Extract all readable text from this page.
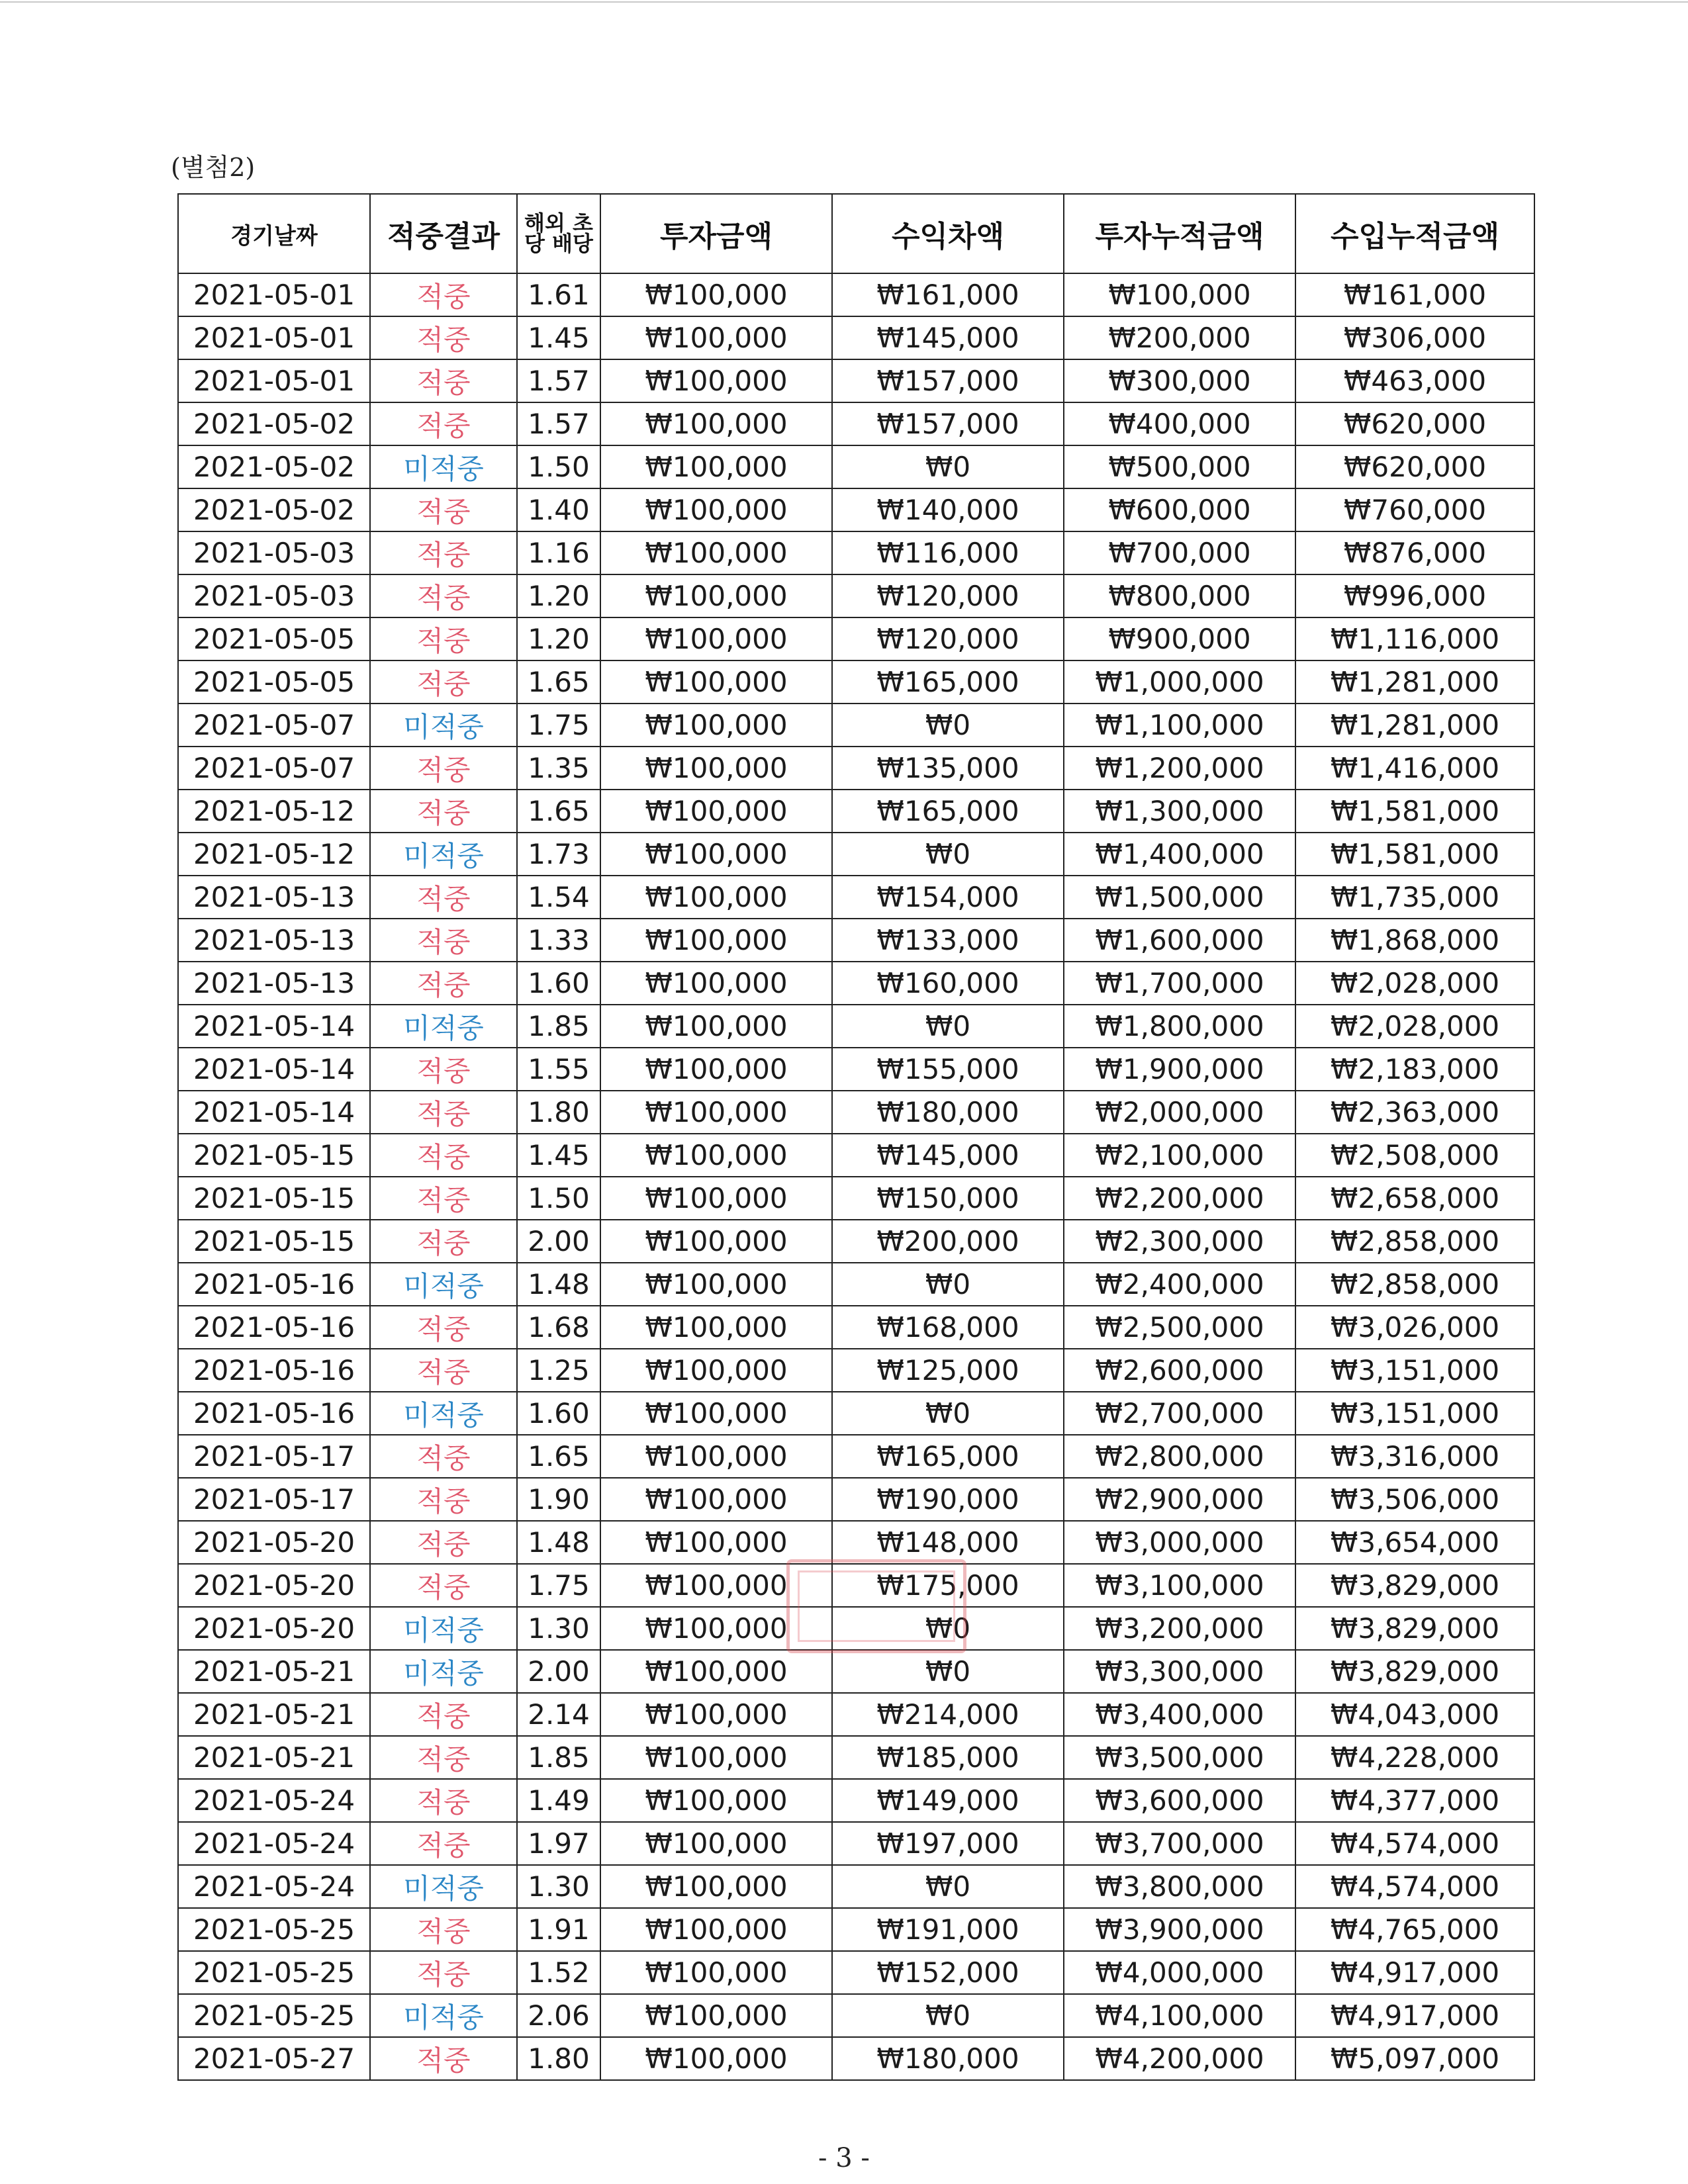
(별첨2)
경기날짜	적중결과	해외 초당 배당	투자금액	수익차액	투자누적금액	수입누적금액
2021-05-01	적중	1.61	₩100,000	₩161,000	₩100,000	₩161,000
2021-05-01	적중	1.45	₩100,000	₩145,000	₩200,000	₩306,000
2021-05-01	적중	1.57	₩100,000	₩157,000	₩300,000	₩463,000
2021-05-02	적중	1.57	₩100,000	₩157,000	₩400,000	₩620,000
2021-05-02	미적중	1.50	₩100,000	₩0	₩500,000	₩620,000
2021-05-02	적중	1.40	₩100,000	₩140,000	₩600,000	₩760,000
2021-05-03	적중	1.16	₩100,000	₩116,000	₩700,000	₩876,000
2021-05-03	적중	1.20	₩100,000	₩120,000	₩800,000	₩996,000
2021-05-05	적중	1.20	₩100,000	₩120,000	₩900,000	₩1,116,000
2021-05-05	적중	1.65	₩100,000	₩165,000	₩1,000,000	₩1,281,000
2021-05-07	미적중	1.75	₩100,000	₩0	₩1,100,000	₩1,281,000
2021-05-07	적중	1.35	₩100,000	₩135,000	₩1,200,000	₩1,416,000
2021-05-12	적중	1.65	₩100,000	₩165,000	₩1,300,000	₩1,581,000
2021-05-12	미적중	1.73	₩100,000	₩0	₩1,400,000	₩1,581,000
2021-05-13	적중	1.54	₩100,000	₩154,000	₩1,500,000	₩1,735,000
2021-05-13	적중	1.33	₩100,000	₩133,000	₩1,600,000	₩1,868,000
2021-05-13	적중	1.60	₩100,000	₩160,000	₩1,700,000	₩2,028,000
2021-05-14	미적중	1.85	₩100,000	₩0	₩1,800,000	₩2,028,000
2021-05-14	적중	1.55	₩100,000	₩155,000	₩1,900,000	₩2,183,000
2021-05-14	적중	1.80	₩100,000	₩180,000	₩2,000,000	₩2,363,000
2021-05-15	적중	1.45	₩100,000	₩145,000	₩2,100,000	₩2,508,000
2021-05-15	적중	1.50	₩100,000	₩150,000	₩2,200,000	₩2,658,000
2021-05-15	적중	2.00	₩100,000	₩200,000	₩2,300,000	₩2,858,000
2021-05-16	미적중	1.48	₩100,000	₩0	₩2,400,000	₩2,858,000
2021-05-16	적중	1.68	₩100,000	₩168,000	₩2,500,000	₩3,026,000
2021-05-16	적중	1.25	₩100,000	₩125,000	₩2,600,000	₩3,151,000
2021-05-16	미적중	1.60	₩100,000	₩0	₩2,700,000	₩3,151,000
2021-05-17	적중	1.65	₩100,000	₩165,000	₩2,800,000	₩3,316,000
2021-05-17	적중	1.90	₩100,000	₩190,000	₩2,900,000	₩3,506,000
2021-05-20	적중	1.48	₩100,000	₩148,000	₩3,000,000	₩3,654,000
2021-05-20	적중	1.75	₩100,000	₩175,000	₩3,100,000	₩3,829,000
2021-05-20	미적중	1.30	₩100,000	₩0	₩3,200,000	₩3,829,000
2021-05-21	미적중	2.00	₩100,000	₩0	₩3,300,000	₩3,829,000
2021-05-21	적중	2.14	₩100,000	₩214,000	₩3,400,000	₩4,043,000
2021-05-21	적중	1.85	₩100,000	₩185,000	₩3,500,000	₩4,228,000
2021-05-24	적중	1.49	₩100,000	₩149,000	₩3,600,000	₩4,377,000
2021-05-24	적중	1.97	₩100,000	₩197,000	₩3,700,000	₩4,574,000
2021-05-24	미적중	1.30	₩100,000	₩0	₩3,800,000	₩4,574,000
2021-05-25	적중	1.91	₩100,000	₩191,000	₩3,900,000	₩4,765,000
2021-05-25	적중	1.52	₩100,000	₩152,000	₩4,000,000	₩4,917,000
2021-05-25	미적중	2.06	₩100,000	₩0	₩4,100,000	₩4,917,000
2021-05-27	적중	1.80	₩100,000	₩180,000	₩4,200,000	₩5,097,000
- 3 -
